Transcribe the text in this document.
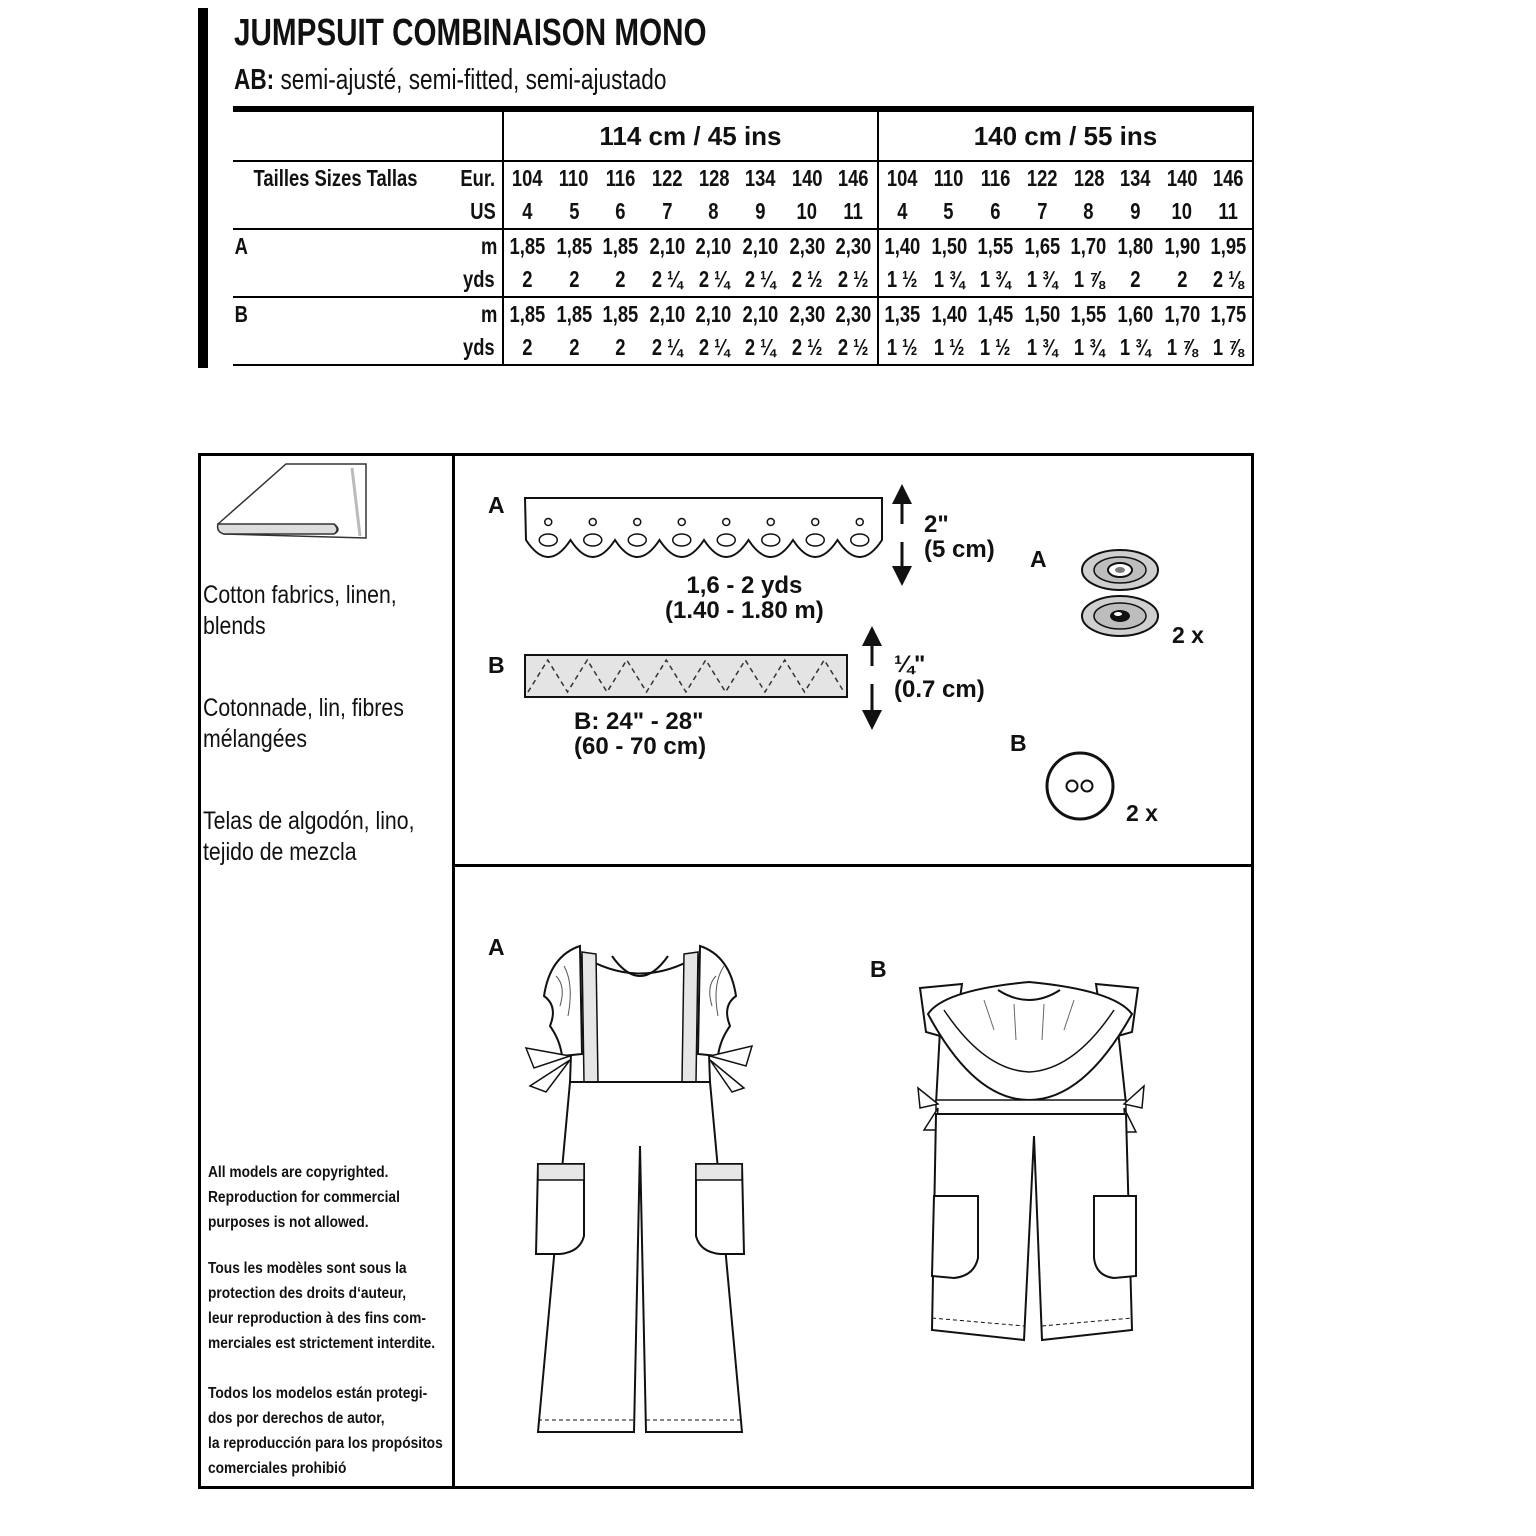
JUMPSUIT COMBINAISON MONO
AB: semi-ajusté, semi-fitted, semi-ajustado
		114 cm / 45 ins								140 cm / 55 ins							
Tailles Sizes Tallas	Eur.	104	110	116	122	128	134	140	146	104	110	116	122	128	134	140	146
	US	4	5	6	7	8	9	10	11	4	5	6	7	8	9	10	11
A	m	1,85	1,85	1,85	2,10	2,10	2,10	2,30	2,30	1,40	1,50	1,55	1,65	1,70	1,80	1,90	1,95
	yds	2	2	2	2 ¼	2 ¼	2 ¼	2 ½	2 ½	1 ½	1 ¾	1 ¾	1 ¾	1 ⅞	2	2	2 ⅛
B	m	1,85	1,85	1,85	2,10	2,10	2,10	2,30	2,30	1,35	1,40	1,45	1,50	1,55	1,60	1,70	1,75
	yds	2	2	2	2 ¼	2 ¼	2 ¼	2 ½	2 ½	1 ½	1 ½	1 ½	1 ¾	1 ¾	1 ¾	1 ⅞	1 ⅞
Cotton fabrics, linen,
blends
Cotonnade, lin, fibres
mélangées
Telas de algodón, lino,
tejido de mezcla
All models are copyrighted.
Reproduction for commercial
purposes is not allowed.
Tous les modèles sont sous la
protection des droits d‘auteur,
leur reproduction à des fins com-
merciales est strictement interdite.
Todos los modelos están protegi-
dos por derechos de autor,
la reproducción para los propósitos
comerciales prohibió
A
2"
(5 cm)
1,6 - 2 yds
(1.40 - 1.80 m)
B	¼"
(0.7 cm)
B: 24" - 28"
(60 - 70 cm)
A
2 x
B
2 x
A
B
